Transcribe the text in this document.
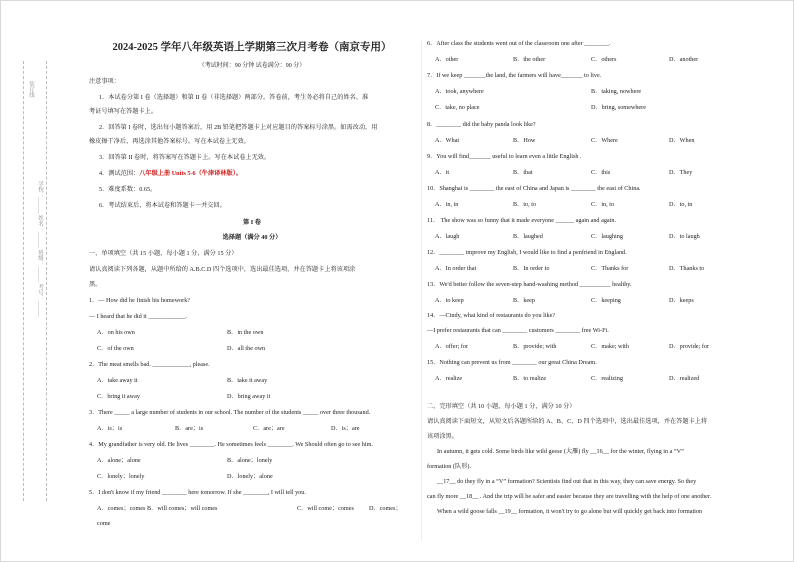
装订线
学校：______ 姓名：______ 班级：______ 考号：______
2024-2025 学年八年级英语上学期第三次月考卷（南京专用）
（考试时间：90 分钟 试卷满分：90 分）
注意事项：
1．本试卷分第 I 卷（选择题）和第 II 卷（非选择题）两部分。答卷前，考生务必将自己的姓名、准
考证号填写在答题卡上。
2．回答第 I 卷时，选出每小题答案后，用 2B 铅笔把答题卡上对应题目的答案标号涂黑。如需改动，用
橡皮擦干净后，再选涂其他答案标号。写在本试卷上无效。
3．回答第 II 卷时，将答案写在答题卡上。写在本试卷上无效。
4．测试范围：八年级上册 Units 5-6（牛津译林版）。
5．难度系数：0.65。
6．考试结束后，将本试卷和答题卡一并交回。
第 I 卷
选择题（满分 40 分）
一、单项填空（共 15 小题，每小题 1 分，满分 15 分）
请认真阅读下列各题，从题中所给的 A.B.C.D 四个选项中，选出最佳选项，并在答题卡上将该项涂
黑。
1．— How did he finish his homework?
— I heard that he did it ____________.
A．on his own	B．in the own
C．of the own	D．all the own
2．The meat smells bad. ____________, please.
A．take away it	B．take it away
C．bring it away	D．bring away it
3．There _____ a large number of students in our school. The number of the students _____ over three thousand.
A．is；is	B．are；is	C．are；are	D．is；are
4．My grandfather is very old. He lives ________. He sometimes feels ________. We Should often go to see him.
A．alone；alone	B．alone；lonely
C．lonely；lonely	D．lonely；alone
5．I don't know if my friend ________ here tomorrow. If she ________, I will tell you.
A．comes；comes B．will comes；will comes	C．will come；comes D．comes；
come
6．After class the students went out of the classroom one after ________.
A．other	B．the other	C．others	D．another
7．If we keep _______the land, the farmers will have_______ to live.
A．took, anywhere	B．taking, nowhere
C．take, no place	D．bring, somewhere
8．________ did the baby panda look like?
A．What	B．How	C．Where	D．When
9．You will find_______ useful to learn even a little English .
A．it	B．that	C．this	D．They
10．Shanghai is ________ the east of China and Japan is ________ the east of China.
A．in, in	B．to, to	C．in, to	D．to, in
11． The show was so funny that it made everyone ______ again and again.
A．laugh	B．laughed	C．laughing	D．to laugh
12．________ improve my English, I would like to find a penfriend in England.
A．In order that	B．In order to	C．Thanks for	D．Thanks to
13．We'd better follow the seven-step hand-washing method __________ healthy.
A．to keep	B．keep	C．keeping	D．keeps
14．—Cindy, what kind of restaurants do you like?
—I prefer restaurants that can ________ customers ________ free Wi-Fi.
A．offer; for	B．provide; with	C．make; with	D．provide; for
15．Nothing can prevent us from ________ our great China Dream.
A．realize	B．to realize	C．realizing	D．realized
二、完形填空（共 10 小题，每小题 1 分，满分 10 分）
请认真阅读下面短文，从短文后各题所给的 A、B、C、D 四个选项中，选出最佳选项，并在答题卡上将
该项涂黑。
In autumn, it gets cold. Some birds like wild geese (大雁) fly __16__ for the winter, flying in a “V”
formation (队形).
__17__ do they fly in a “V” formation? Scientists find out that in this way, they can save energy. So they
can fly more __18__ . And the trip will be safer and easier because they are travelling with the help of one another.
When a wild goose falls __19__ formation, it won't try to go alone but will quickly get back into formation
